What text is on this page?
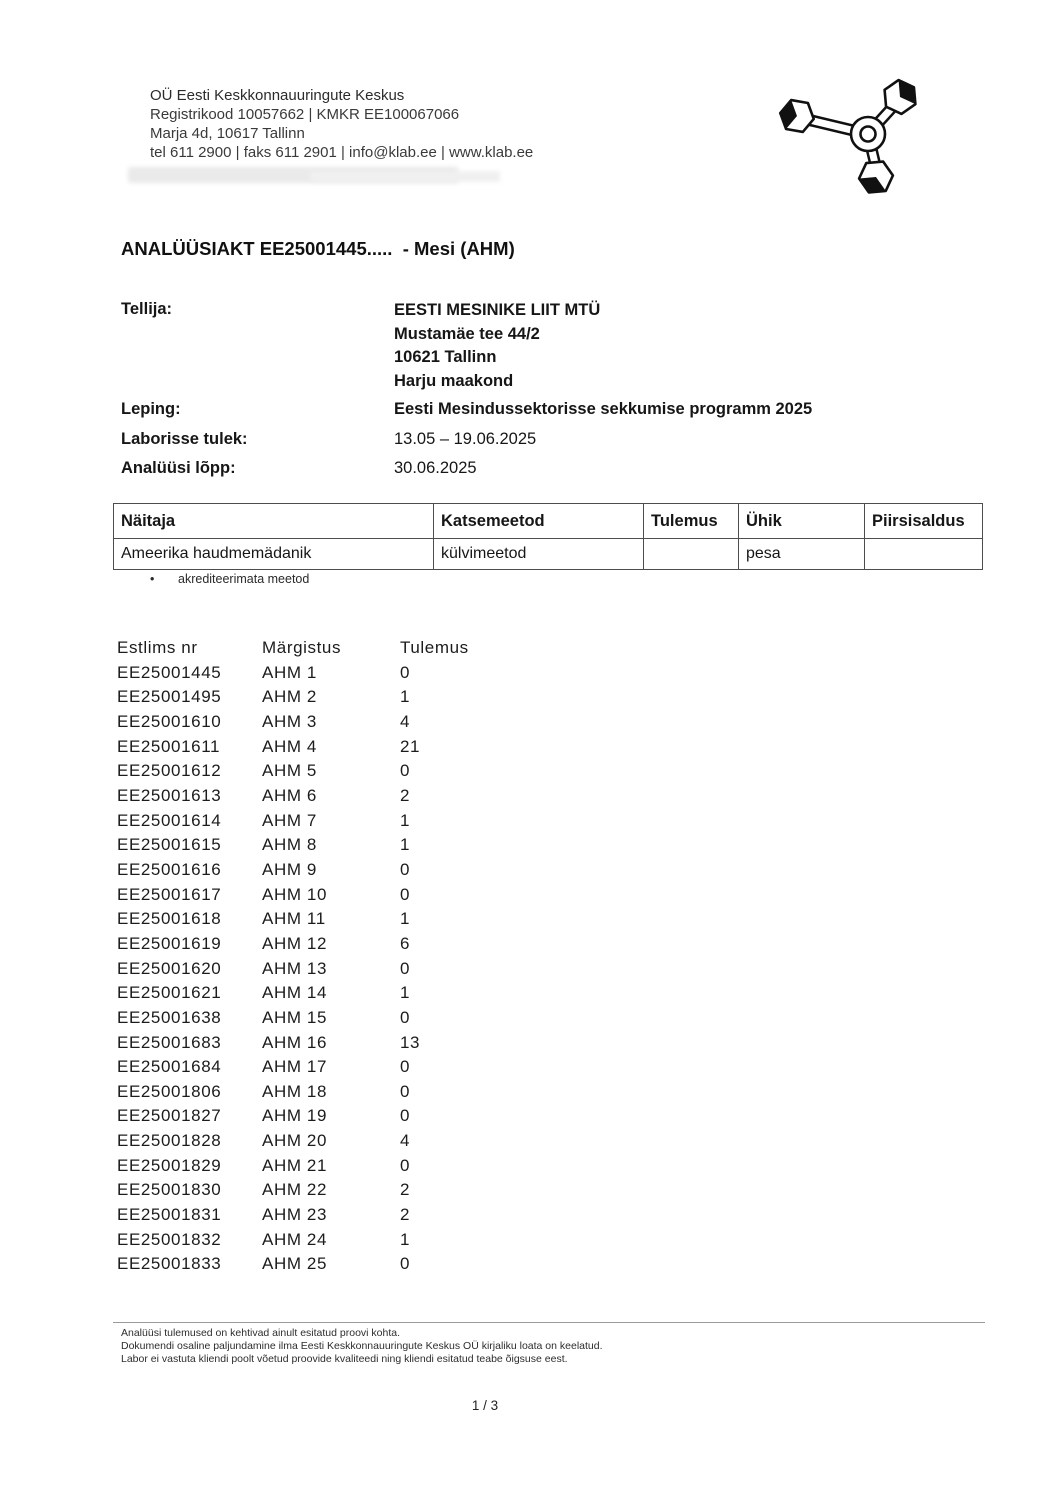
OÜ Eesti Keskkonnauuringute Keskus
Registrikood 10057662 | KMKR EE100067066
Marja 4d, 10617 Tallinn
tel 611 2900 | faks 611 2901 | info@klab.ee | www.klab.ee
ANALÜÜSIAKT EE25001445.....  - Mesi (AHM)
Tellija:	EESTI MESINIKE LIIT MTÜ
Mustamäe tee 44/2
10621 Tallinn
Harju maakond
Leping:	Eesti Mesindussektorisse sekkumise programm 2025
Laborisse tulek:	13.05 – 19.06.2025
Analüüsi lõpp:	30.06.2025
Näitaja	Katsemeetod	Tulemus	Ühik	Piirsisaldus
Ameerika haudmemädanik	külvimeetod		pesa	
• akrediteerimata meetod
Estlims nr	Märgistus	Tulemus
EE25001445	AHM 1	0
EE25001495	AHM 2	1
EE25001610	AHM 3	4
EE25001611	AHM 4	21
EE25001612	AHM 5	0
EE25001613	AHM 6	2
EE25001614	AHM 7	1
EE25001615	AHM 8	1
EE25001616	AHM 9	0
EE25001617	AHM 10	0
EE25001618	AHM 11	1
EE25001619	AHM 12	6
EE25001620	AHM 13	0
EE25001621	AHM 14	1
EE25001638	AHM 15	0
EE25001683	AHM 16	13
EE25001684	AHM 17	0
EE25001806	AHM 18	0
EE25001827	AHM 19	0
EE25001828	AHM 20	4
EE25001829	AHM 21	0
EE25001830	AHM 22	2
EE25001831	AHM 23	2
EE25001832	AHM 24	1
EE25001833	AHM 25	0
Analüüsi tulemused on kehtivad ainult esitatud proovi kohta.
Dokumendi osaline paljundamine ilma Eesti Keskkonnauuringute Keskus OÜ kirjaliku loata on keelatud.
Labor ei vastuta kliendi poolt võetud proovide kvaliteedi ning kliendi esitatud teabe õigsuse eest.
1 / 3
